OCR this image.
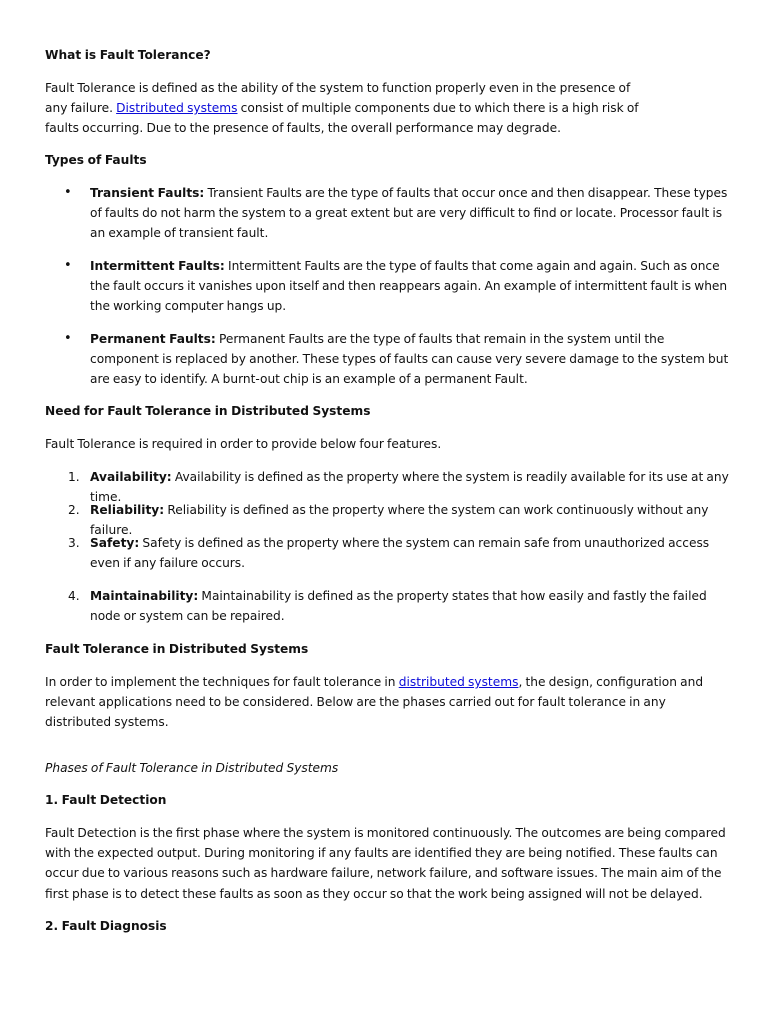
What is Fault Tolerance?

Fault Tolerance is defined as the ability of the system to function properly even in the presence of any failure. Distributed systems consist of multiple components due to which there is a high risk of faults occurring. Due to the presence of faults, the overall performance may degrade.

Types of Faults

• Transient Faults: Transient Faults are the type of faults that occur once and then disappear. These types of faults do not harm the system to a great extent but are very difficult to find or locate. Processor fault is an example of transient fault.

• Intermittent Faults: Intermittent Faults are the type of faults that come again and again. Such as once the fault occurs it vanishes upon itself and then reappears again. An example of intermittent fault is when the working computer hangs up.

• Permanent Faults: Permanent Faults are the type of faults that remain in the system until the component is replaced by another. These types of faults can cause very severe damage to the system but are easy to identify. A burnt-out chip is an example of a permanent Fault.

Need for Fault Tolerance in Distributed Systems

Fault Tolerance is required in order to provide below four features.

1. Availability: Availability is defined as the property where the system is readily available for its use at any time.

2. Reliability: Reliability is defined as the property where the system can work continuously without any failure.

3. Safety: Safety is defined as the property where the system can remain safe from unauthorized access even if any failure occurs.

4. Maintainability: Maintainability is defined as the property states that how easily and fastly the failed node or system can be repaired.

Fault Tolerance in Distributed Systems

In order to implement the techniques for fault tolerance in distributed systems, the design, configuration and relevant applications need to be considered. Below are the phases carried out for fault tolerance in any distributed systems.

Phases of Fault Tolerance in Distributed Systems

1. Fault Detection

Fault Detection is the first phase where the system is monitored continuously. The outcomes are being compared with the expected output. During monitoring if any faults are identified they are being notified. These faults can occur due to various reasons such as hardware failure, network failure, and software issues. The main aim of the first phase is to detect these faults as soon as they occur so that the work being assigned will not be delayed.

2. Fault Diagnosis
